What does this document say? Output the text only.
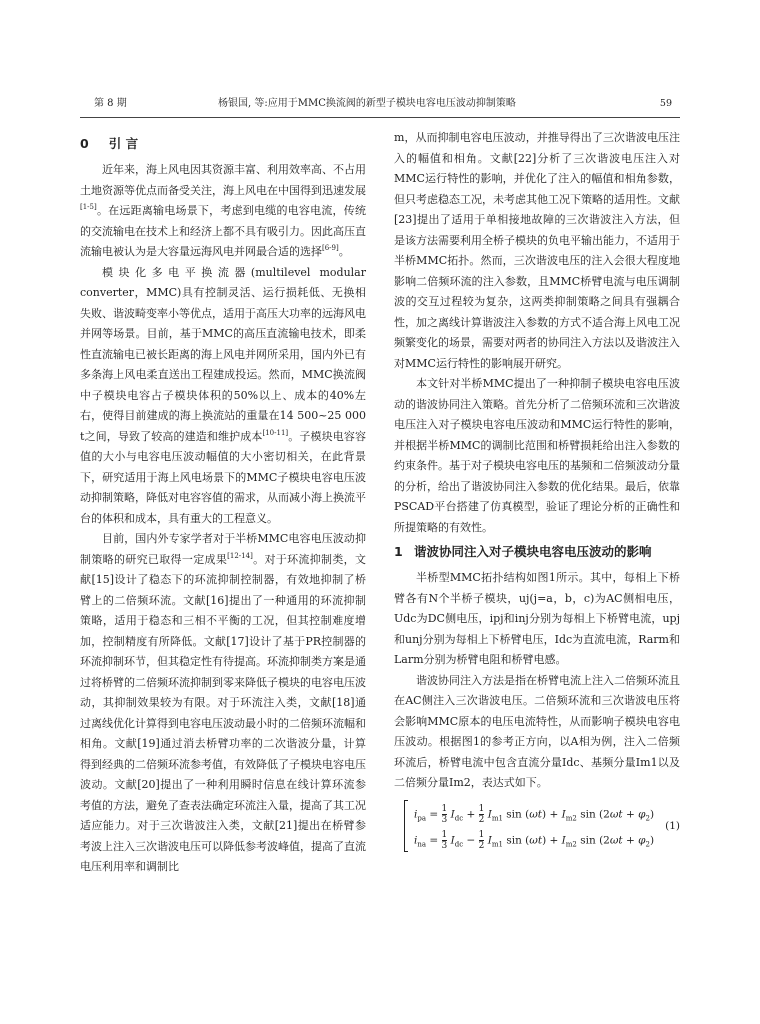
第 8 期	杨银国, 等:应用于MMC换流阀的新型子模块电容电压波动抑制策略	59
0 引 言

近年来，海上风电因其资源丰富、利用效率高、不占用土地资源等优点而备受关注，海上风电在中国得到迅速发展[1-5]。在远距离输电场景下，考虑到电缆的电容电流，传统的交流输电在技术上和经济上都不具有吸引力。因此高压直流输电被认为是大容量远海风电并网最合适的选择[6-9]。

模块化多电平换流器(multilevel modular converter，MMC)具有控制灵活、运行损耗低、无换相失败、谐波畸变率小等优点，适用于高压大功率的远海风电并网等场景。目前，基于MMC的高压直流输电技术，即柔性直流输电已被长距离的海上风电并网所采用，国内外已有多条海上风电柔直送出工程建成投运。然而，MMC换流阀中子模块电容占子模块体积的50%以上、成本的40%左右，使得目前建成的海上换流站的重量在14 500~25 000 t之间，导致了较高的建造和维护成本[10-11]。子模块电容容值的大小与电容电压波动幅值的大小密切相关，在此背景下，研究适用于海上风电场景下的MMC子模块电容电压波动抑制策略，降低对电容容值的需求，从而减小海上换流平台的体积和成本，具有重大的工程意义。

目前，国内外专家学者对于半桥MMC电容电压波动抑制策略的研究已取得一定成果[12-14]。对于环流抑制类，文献[15]设计了稳态下的环流抑制控制器，有效地抑制了桥臂上的二倍频环流。文献[16]提出了一种通用的环流抑制策略，适用于稳态和三相不平衡的工况，但其控制难度增加，控制精度有所降低。文献[17]设计了基于PR控制器的环流抑制环节，但其稳定性有待提高。环流抑制类方案是通过将桥臂的二倍频环流抑制到零来降低子模块的电容电压波动，其抑制效果较为有限。对于环流注入类，文献[18]通过离线优化计算得到电容电压波动最小时的二倍频环流幅和相角。文献[19]通过消去桥臂功率的二次谐波分量，计算得到经典的二倍频环流参考值，有效降低了子模块电容电压波动。文献[20]提出了一种利用瞬时信息在线计算环流参考值的方法，避免了查表法确定环流注入量，提高了其工况适应能力。对于三次谐波注入类，文献[21]提出在桥臂参考波上注入三次谐波电压可以降低参考波峰值，提高了直流电压利用率和调制比

m，从而抑制电容电压波动，并推导得出了三次谐波电压注入的幅值和相角。文献[22]分析了三次谐波电压注入对MMC运行特性的影响，并优化了注入的幅值和相角参数，但只考虑稳态工况，未考虑其他工况下策略的适用性。文献[23]提出了适用于单相接地故障的三次谐波注入方法，但是该方法需要利用全桥子模块的负电平输出能力，不适用于半桥MMC拓扑。然而，三次谐波电压的注入会很大程度地影响二倍频环流的注入参数，且MMC桥臂电流与电压调制波的交互过程较为复杂，这两类抑制策略之间具有强耦合性，加之离线计算谐波注入参数的方式不适合海上风电工况频繁变化的场景，需要对两者的协同注入方法以及谐波注入对MMC运行特性的影响展开研究。

本文针对半桥MMC提出了一种抑制子模块电容电压波动的谐波协同注入策略。首先分析了二倍频环流和三次谐波电压注入对子模块电容电压波动和MMC运行特性的影响，并根据半桥MMC的调制比范围和桥臂损耗给出注入参数的约束条件。基于对子模块电容电压的基频和二倍频波动分量的分析，给出了谐波协同注入参数的优化结果。最后，依靠PSCAD平台搭建了仿真模型，验证了理论分析的正确性和所提策略的有效性。

1 谐波协同注入对子模块电容电压波动的影响

半桥型MMC拓扑结构如图1所示。其中，每相上下桥臂各有N个半桥子模块，uj(j=a，b，c)为AC侧相电压，Udc为DC侧电压，ipj和inj分别为每相上下桥臂电流，upj和unj分别为每相上下桥臂电压，Idc为直流电流，Rarm和Larm分别为桥臂电阻和桥臂电感。

谐波协同注入方法是指在桥臂电流上注入二倍频环流且在AC侧注入三次谐波电压。二倍频环流和三次谐波电压将会影响MMC原本的电压电流特性，从而影响子模块电容电压波动。根据图1的参考正方向，以A相为例，注入二倍频环流后，桥臂电流中包含直流分量Idc、基频分量Im1以及二倍频分量Im2，表达式如下。

$i_{pa} = \frac{1}{3} I_{dc} + \frac{1}{2} I_{m1}$ $\sin (\omega t) + I_{m2}$ $\sin (2\omega t + \varphi_2)$
$i_{na} = \frac{1}{3} I_{dc} - \frac{1}{2} I_{m1}$ $\sin (\omega t) + I_{m2}$ $\sin (2\omega t + \varphi_2)$
(1)
